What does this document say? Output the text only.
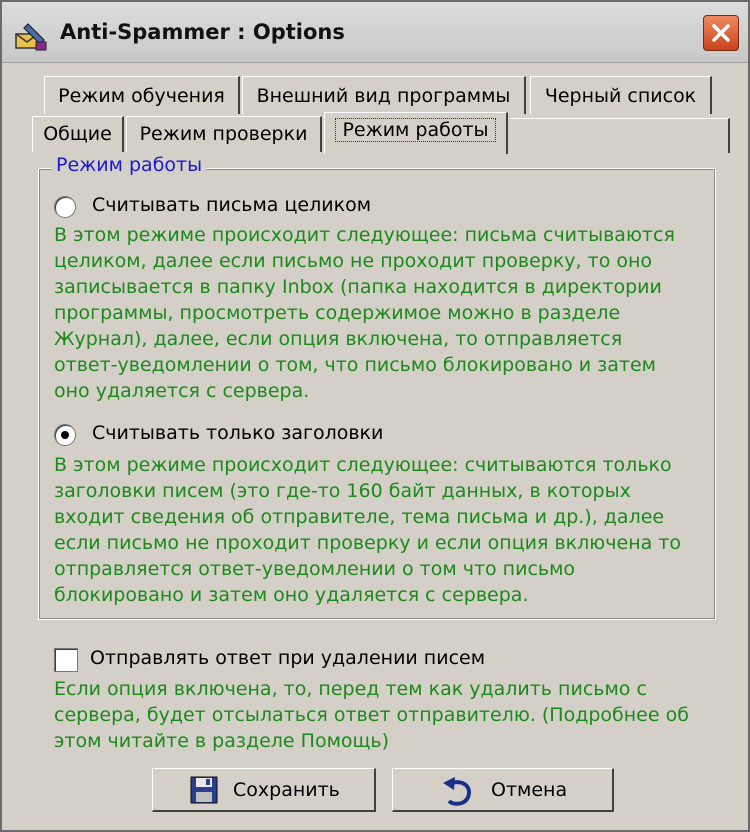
Anti-Spammer : Options
Режим обучения	Внешний вид программы	Черный список
Общие	Режим проверки	Режим работы
Режим работы
Считывать письма целиком
В этом режиме происходит следующее: письма считываются
целиком, далее если письмо не проходит проверку, то оно
записывается в папку Inbox (папка находится в директории
программы, просмотреть содержимое можно в разделе
Журнал), далее, если опция включена, то отправляется
ответ-уведомлении о том, что письмо блокировано и затем
оно удаляется с сервера.
Считывать только заголовки
В этом режиме происходит следующее: считываются только
заголовки писем (это где-то 160 байт данных, в которых
входит сведения об отправителе, тема письма и др.), далее
если письмо не проходит проверку и если опция включена то
отправляется ответ-уведомлении о том что письмо
блокировано и затем оно удаляется с сервера.
Отправлять ответ при удалении писем
Если опция включена, то, перед тем как удалить письмо с
сервера, будет отсылаться ответ отправителю. (Подробнее об
этом читайте в разделе Помощь)
Сохранить	Отмена
